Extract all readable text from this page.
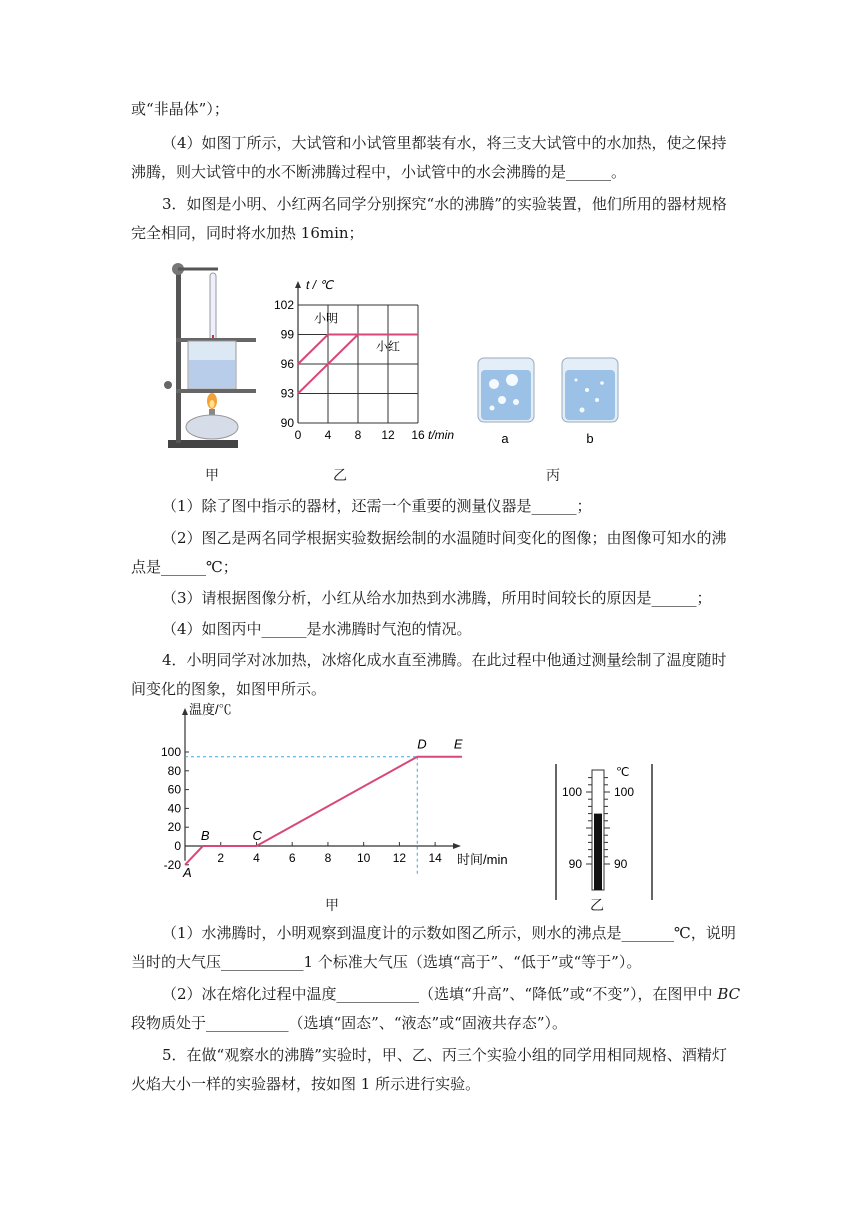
或“非晶体”）；
（4）如图丁所示，大试管和小试管里都装有水，将三支大试管中的水加热，使之保持
沸腾，则大试管中的水不断沸腾过程中，小试管中的水会沸腾的是______。
3．如图是小明、小红两名同学分别探究“水的沸腾”的实验装置，他们所用的器材规格
完全相同，同时将水加热 16min；
甲
0 4 8 12 16
90
93
96
99
102
t / ℃
t/min
小明
小红
乙
a	b
丙
（1）除了图中指示的器材，还需一个重要的测量仪器是______；
（2）图乙是两名同学根据实验数据绘制的水温随时间变化的图像；由图像可知水的沸
点是______℃；
（3）请根据图像分析，小红从给水加热到水沸腾，所用时间较长的原因是______；
（4）如图丙中______是水沸腾时气泡的情况。
4．小明同学对冰加热，冰熔化成水直至沸腾。在此过程中他通过测量绘制了温度随时
间变化的图象，如图甲所示。
温度/℃
时间/min
-20
0
20
40
60
80
100
2 4 6 8 10 12 14
A
B	C
D E
甲
℃
100	100
90	90
乙
（1）水沸腾时，小明观察到温度计的示数如图乙所示，则水的沸点是_______℃，说明
当时的大气压___________1 个标准大气压（选填“高于”、“低于”或“等于”）。
（2）冰在熔化过程中温度___________（选填“升高”、“降低”或“不变”），在图甲中 BC
段物质处于___________（选填“固态”、“液态”或“固液共存态”）。
5．在做“观察水的沸腾”实验时，甲、乙、丙三个实验小组的同学用相同规格、酒精灯
火焰大小一样的实验器材，按如图 1 所示进行实验。
